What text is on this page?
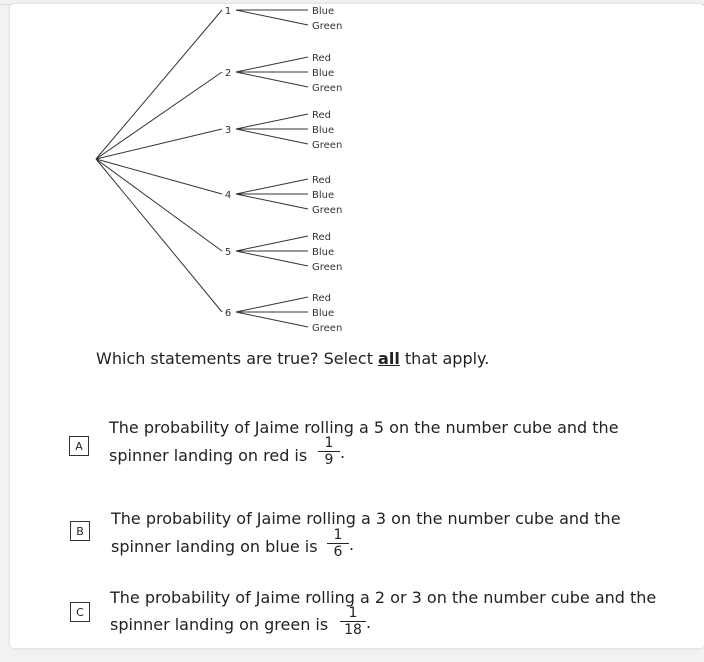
1	Blue
Green
2
Red
Blue
Green
3
Red
Blue
Green
4
Red
Blue
Green
5
Red
Blue
Green
6
Red
Blue
Green
Which statements are true? Select all that apply.
A
The probability of Jaime rolling a 5 on the number cube and the
spinner landing on red is
1
9 .
B
The probability of Jaime rolling a 3 on the number cube and the
spinner landing on blue is
1
6 .
C
The probability of Jaime rolling a 2 or 3 on the number cube and the
spinner landing on green is
1
18 .
